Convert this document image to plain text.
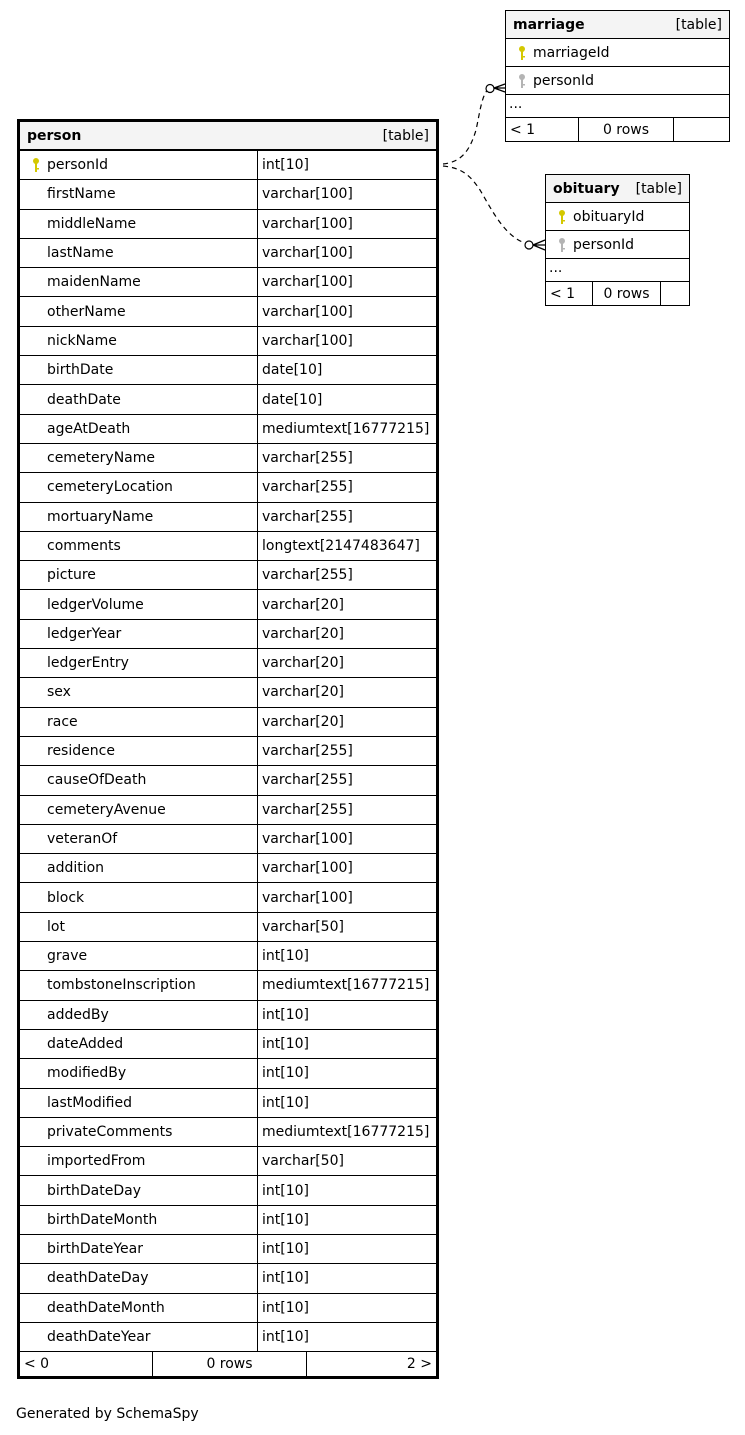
person	[table]
personId	int[10]
firstName	varchar[100]
middleName	varchar[100]
lastName	varchar[100]
maidenName	varchar[100]
otherName	varchar[100]
nickName	varchar[100]
birthDate	date[10]
deathDate	date[10]
ageAtDeath	mediumtext[16777215]
cemeteryName	varchar[255]
cemeteryLocation	varchar[255]
mortuaryName	varchar[255]
comments	longtext[2147483647]
picture	varchar[255]
ledgerVolume	varchar[20]
ledgerYear	varchar[20]
ledgerEntry	varchar[20]
sex	varchar[20]
race	varchar[20]
residence	varchar[255]
causeOfDeath	varchar[255]
cemeteryAvenue	varchar[255]
veteranOf	varchar[100]
addition	varchar[100]
block	varchar[100]
lot	varchar[50]
grave	int[10]
tombstoneInscription	mediumtext[16777215]
addedBy	int[10]
dateAdded	int[10]
modifiedBy	int[10]
lastModified	int[10]
privateComments	mediumtext[16777215]
importedFrom	varchar[50]
birthDateDay	int[10]
birthDateMonth	int[10]
birthDateYear	int[10]
deathDateDay	int[10]
deathDateMonth	int[10]
deathDateYear	int[10]
< 0	0 rows	2 >
marriage	[table]
marriageId
personId
...
< 1	0 rows
obituary [table]
obituaryId
personId
...
< 1	0 rows
Generated by SchemaSpy
